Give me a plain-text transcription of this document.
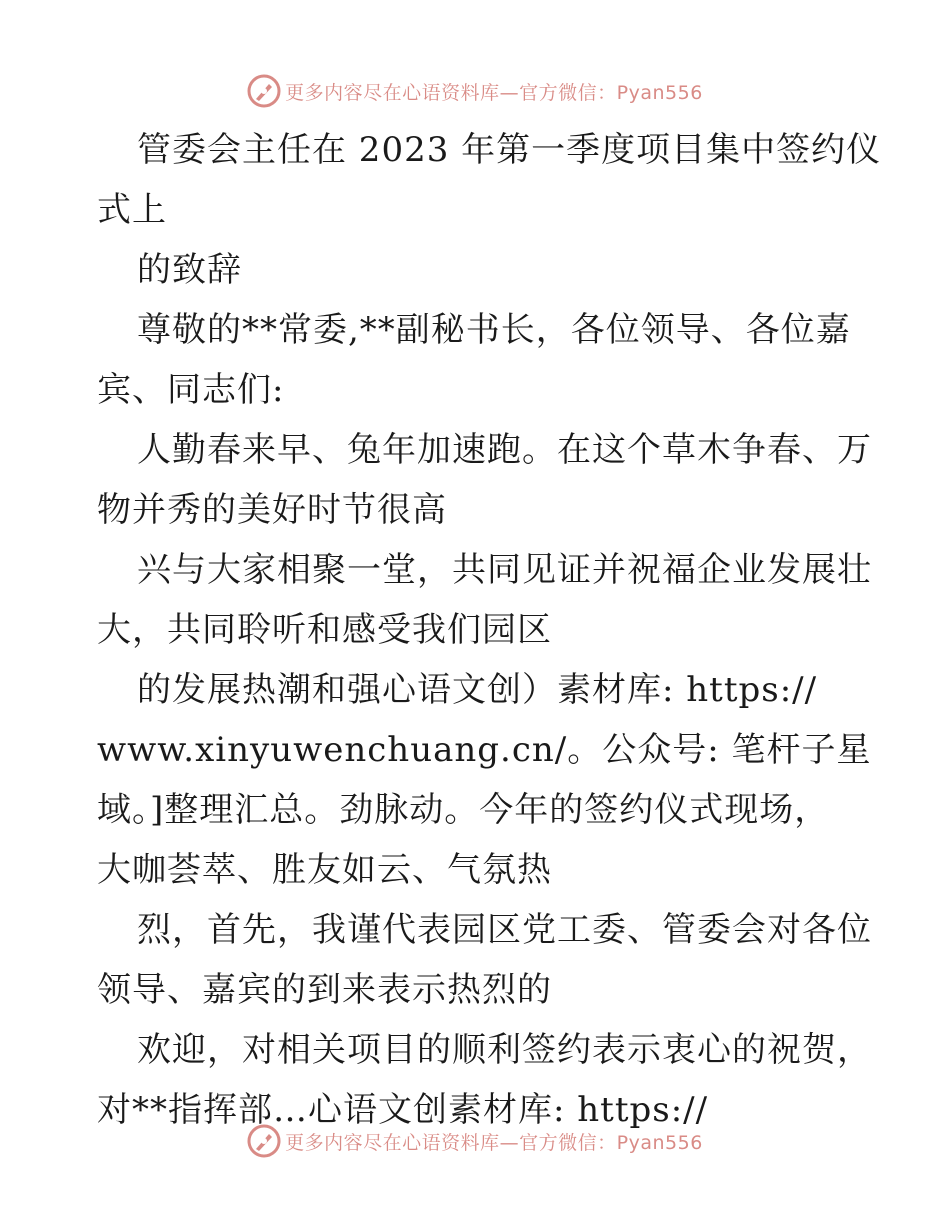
更多内容尽在心语资料库—官方微信：Pyan556
管委会主任在 2023 年第一季度项目集中签约仪
式上
的致辞
尊敬的**常委,**副秘书长，各位领导、各位嘉
宾、同志们:
人勤春来早、兔年加速跑。在这个草木争春、万
物并秀的美好时节很高
兴与大家相聚一堂，共同见证并祝福企业发展壮
大，共同聆听和感受我们园区
的发展热潮和强心语文创）素材库: https://
www.xinyuwenchuang.cn/。公众号: 笔杆子星
域。]整理汇总。劲脉动。今年的签约仪式现场，
大咖荟萃、胜友如云、气氛热
烈，首先，我谨代表园区党工委、管委会对各位
领导、嘉宾的到来表示热烈的
欢迎，对相关项目的顺利签约表示衷心的祝贺，
对**指挥部…心语文创素材库: https://
更多内容尽在心语资料库—官方微信：Pyan556
